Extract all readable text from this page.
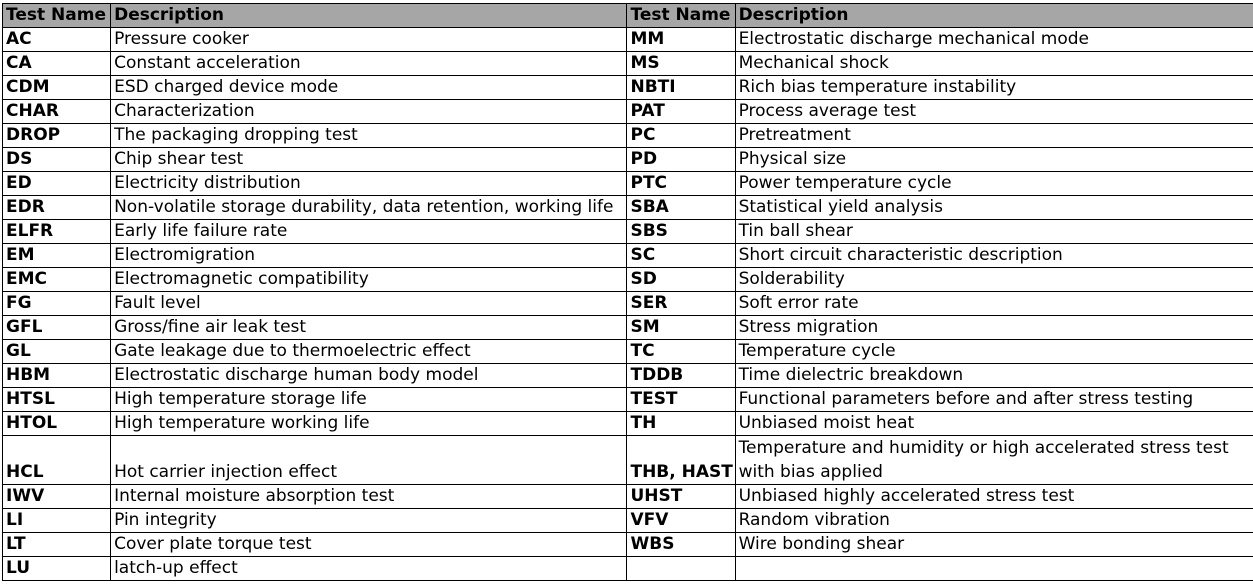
Test Name	Description	Test Name	Description
AC	Pressure cooker	MM	Electrostatic discharge mechanical mode
CA	Constant acceleration	MS	Mechanical shock
CDM	ESD charged device mode	NBTI	Rich bias temperature instability
CHAR	Characterization	PAT	Process average test
DROP	The packaging dropping test	PC	Pretreatment
DS	Chip shear test	PD	Physical size
ED	Electricity distribution	PTC	Power temperature cycle
EDR	Non-volatile storage durability, data retention, working life	SBA	Statistical yield analysis
ELFR	Early life failure rate	SBS	Tin ball shear
EM	Electromigration	SC	Short circuit characteristic description
EMC	Electromagnetic compatibility	SD	Solderability
FG	Fault level	SER	Soft error rate
GFL	Gross/fine air leak test	SM	Stress migration
GL	Gate leakage due to thermoelectric effect	TC	Temperature cycle
HBM	Electrostatic discharge human body model	TDDB	Time dielectric breakdown
HTSL	High temperature storage life	TEST	Functional parameters before and after stress testing
HTOL	High temperature working life	TH	Unbiased moist heat
HCL	Hot carrier injection effect	THB, HAST	Temperature and humidity or high accelerated stress test with bias applied
IWV	Internal moisture absorption test	UHST	Unbiased highly accelerated stress test
LI	Pin integrity	VFV	Random vibration
LT	Cover plate torque test	WBS	Wire bonding shear
LU	latch-up effect		
